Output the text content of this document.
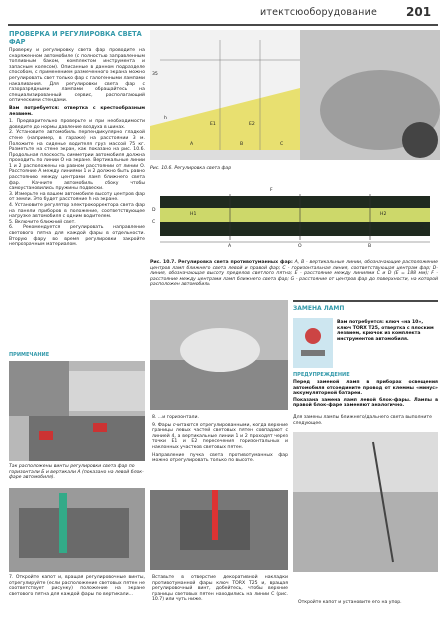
итектсюоборудование 201
ПРОВЕРКА И РЕГУЛИРОВКА СВЕТА ФАР

Проверку и регулировку света фар проводите на снаряженном автомобиле (с полностью заправленным топливным баком, комплектом инструмента и запасным колесом). Описанные в данном подразделе способом, с применением размеченного экрана можно регулировать свет только фар с галогенными лампами накаливания. Для регулировки света фар с газоразрядными лампами обращайтесь на специализированный сервис, располагающий оптическими стендами.

Вам потребуется: отвертка с крестообразным лезвием.

1. Предварительно проверьте и при необходимости доведите до нормы давление воздуха в шинах.

2. Установите автомобиль перпендикулярно гладкой стене (например, в гараже) на расстоянии 3 м. Положите на сиденье водителя груз массой 75 кг. Разметьте на стене экран, как показано на рис. 10.6. Продольная плоскость симметрии автомобиля должна проходить по линии О на экране. Вертикальные линии 1 и 2 расположены на равном расстоянии от линии O. Расстояние А между линиями 1 и 2 должно быть равно расстоянию между центрами ламп ближнего света фар. Качните автомобиль сбоку чтобы самоустановились пружины подвески.

3. Измерьте на вашем автомобиле высоту центров фар от земли. Это будет расстояние h на экране.

4. Установите регулятор электрокорректора света фар на панели приборов в положение, соответствующее нагрузке автомобиля с одним водителем.

5. Включите ближний свет.

6. Рекомендуется регулировать направление светового пятна для каждой фары в отдельности. Вторую фару во время регулировки закройте непрозрачным материалом.

ПРИМЕЧАНИЕ
Так расположены винты регулировки света фар по горизонтали Б и вертикали А (показано на левой блок-фаре автомобиля).
7. Откройте капот и, вращая регулировочные винты, отрегулируйте (если расположение световых пятен не соответствует рисунку) положение на экране светового пятна для каждой фары по вертикали...
35
h
E1	E2
A	B	C
Рис. 10.6. Регулировка света фар
H1	H2
A	O	B
F
G
D
C
Рис. 10.7. Регулировка света противотуманных фар: А, В - вертикальные линии, обозначающие расположение центров ламп ближнего света левой и правой фар; С - горизонтальная линия, соответствующая центрам фар; D-линия, обозначающая высоту пределов светлого пятна; Е - расстояние между линиями С и D (Е = 188 мм); F - расстояние между центрами ламп ближнего света фар; G - расстояние от центров фар до поверхности, на которой расположен автомобиль

8. ...и горизонтали.

9. Фары считаются отрегулированными, когда верхние границы левых частей световых пятен совпадают с линией 4, а вертикальные линии 1 и 2 проходят через точки E1 и E2 пересечения горизонтальных и наклонных участков световых пятен.

Направление пучка света противотуманных фар можно отрегулировать только по высоте.

Вставьте в отверстие декоративной накладки противотуманной фары ключ TORX T25 и, вращая регулировочный винт, добейтесь, чтобы верхние границы световых пятен находились на линии С (рис. 10.7) или чуть ниже.
ЗАМЕНА ЛАМП
Вам потребуется: ключ «на 10», ключ TORX T25, отвертка с плоским лезвием, крючок из комплекта инструментов автомобиля.
ПРЕДУПРЕЖДЕНИЕ

Перед заменой ламп в приборах освещения автомобиля отсоедините провод от клеммы «минус» аккумуляторной батареи.

Показана замена ламп левой блок-фары. Лампы в правой блок-фаре заменяют аналогично.

Для замены лампы ближнего/дальнего света выполните следующее.
Откройте капот и установите его на упор.
